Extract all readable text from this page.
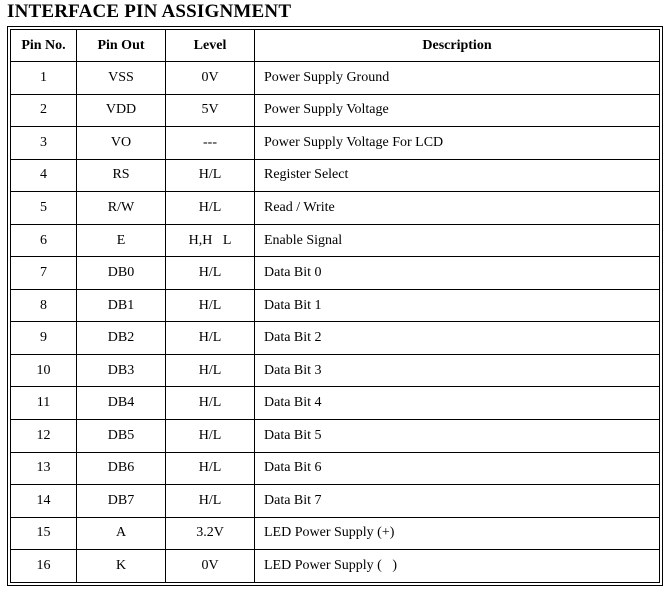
INTERFACE PIN ASSIGNMENT
Pin No.	Pin Out	Level	Description
1	VSS	0V	Power Supply Ground
2	VDD	5V	Power Supply Voltage
3	VO	---	Power Supply Voltage For LCD
4	RS	H/L	Register Select
5	R/W	H/L	Read / Write
6	E	H,H   L	Enable Signal
7	DB0	H/L	Data Bit 0
8	DB1	H/L	Data Bit 1
9	DB2	H/L	Data Bit 2
10	DB3	H/L	Data Bit 3
11	DB4	H/L	Data Bit 4
12	DB5	H/L	Data Bit 5
13	DB6	H/L	Data Bit 6
14	DB7	H/L	Data Bit 7
15	A	3.2V	LED Power Supply (+)
16	K	0V	LED Power Supply (   )
